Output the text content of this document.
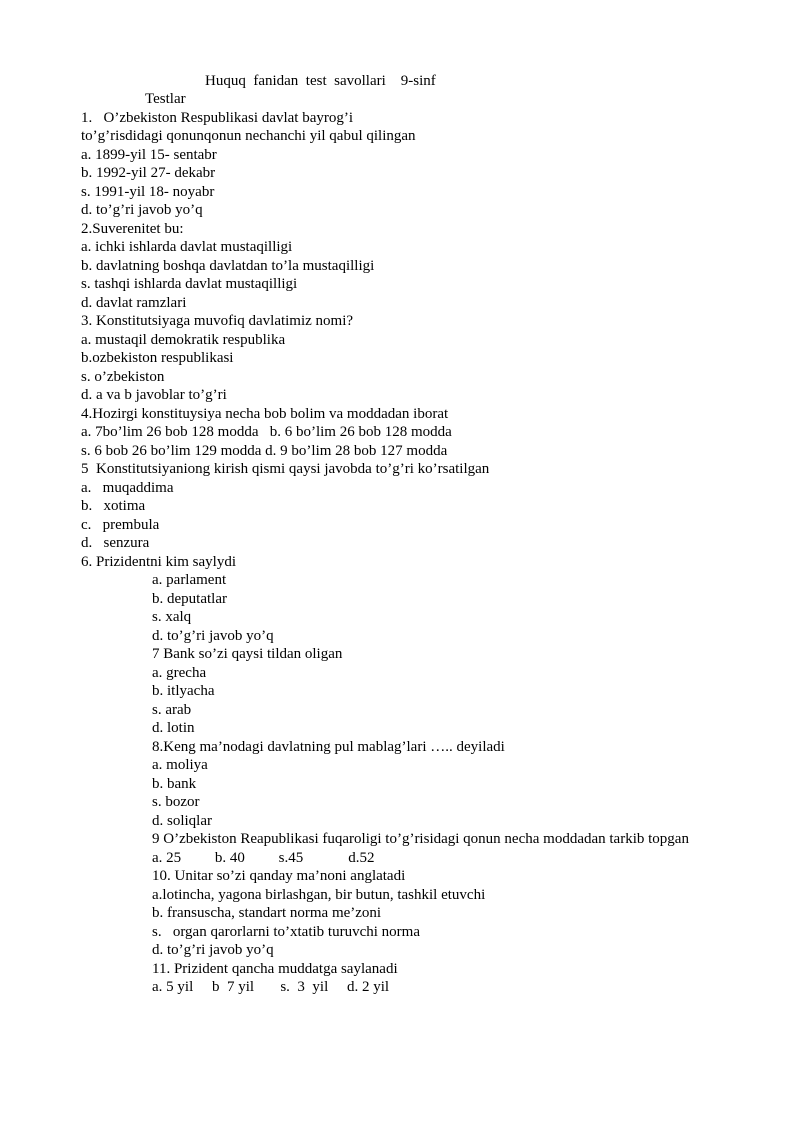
Huquq  fanidan  test  savollari    9-sinf
Testlar
1.   O’zbekiston Respublikasi davlat bayrog’i
to’g’risdidagi qonunqonun nechanchi yil qabul qilingan
a. 1899-yil 15- sentabr
b. 1992-yil 27- dekabr
s. 1991-yil 18- noyabr
d. to’g’ri javob yo’q
2.Suverenitet bu:
a. ichki ishlarda davlat mustaqilligi
b. davlatning boshqa davlatdan to’la mustaqilligi
s. tashqi ishlarda davlat mustaqilligi
d. davlat ramzlari
3. Konstitutsiyaga muvofiq davlatimiz nomi?
a. mustaqil demokratik respublika
b.ozbekiston respublikasi
s. o’zbekiston
d. a va b javoblar to’g’ri
4.Hozirgi konstituysiya necha bob bolim va moddadan iborat
a. 7bo’lim 26 bob 128 modda   b. 6 bo’lim 26 bob 128 modda
s. 6 bob 26 bo’lim 129 modda d. 9 bo’lim 28 bob 127 modda
5  Konstitutsiyaniong kirish qismi qaysi javobda to’g’ri ko’rsatilgan
a.   muqaddima
b.   xotima
c.   prembula
d.   senzura
6. Prizidentni kim saylydi
a. parlament
b. deputatlar
s. xalq
d. to’g’ri javob yo’q
7 Bank so’zi qaysi tildan oligan
a. grecha
b. itlyacha
s. arab
d. lotin
8.Keng ma’nodagi davlatning pul mablag’lari ….. deyiladi
a. moliya
b. bank
s. bozor
d. soliqlar
9 O’zbekiston Reapublikasi fuqaroligi to’g’risidagi qonun necha moddadan tarkib topgan
a. 25         b. 40         s.45            d.52
10. Unitar so’zi qanday ma’noni anglatadi
a.lotincha, yagona birlashgan, bir butun, tashkil etuvchi
b. fransuscha, standart norma me’zoni
s.   organ qarorlarni to’xtatib turuvchi norma
d. to’g’ri javob yo’q
11. Prizident qancha muddatga saylanadi
a. 5 yil     b  7 yil       s.  3  yil     d. 2 yil
